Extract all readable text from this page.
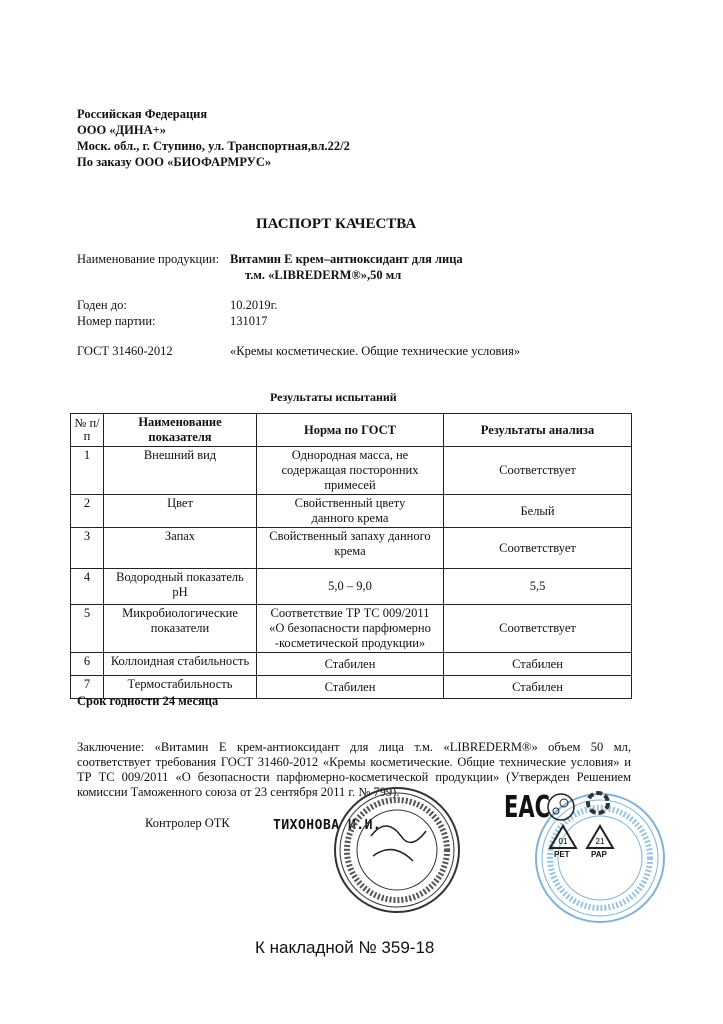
Российская Федерация
ООО «ДИНА+»
Моск. обл., г. Ступино, ул. Транспортная,вл.22/2
По заказу ООО «БИОФАРМРУС»
ПАСПОРТ КАЧЕСТВА
Наименование продукции: Витамин Е крем–антиоксидант для лица
т.м. «LIBREDERM®»,50 мл
Годен до:	10.2019г.
Номер партии:	131017
ГОСТ 31460-2012	«Кремы косметические. Общие технические условия»
Результаты испытаний
№ п/п	Наименование показателя	Норма по ГОСТ	Результаты анализа
1	Внешний вид	Однородная масса, не содержащая посторонних примесей	Соответствует
2	Цвет	Свойственный цвету данного крема	Белый
3	Запах	Свойственный запаху данного крема	Соответствует
4	Водородный показатель pH	5,0 – 9,0	5,5
5	Микробиологические показатели	Соответствие ТР ТС 009/2011 «О безопасности парфюмерно -косметической продукции»	Соответствует
6	Коллоидная стабильность	Стабилен	Стабилен
7	Термостабильность	Стабилен	Стабилен
Срок годности 24 месяца
Заключение: «Витамин Е крем-антиоксидант для лица т.м. «LIBREDERM®» объем 50 мл, соответствует требования ГОСТ 31460-2012 «Кремы косметические. Общие технические условия» и ТР ТС 009/2011 «О безопасности парфюмерно-косметической продукции» (Утвержден Решением комиссии Таможенного союза от 23 сентября 2011 г. № 799).
Контролер ОТК	ТИХОНОВА И.И.
ЕАС
01
PET
21
PAP
К накладной № 359-18
